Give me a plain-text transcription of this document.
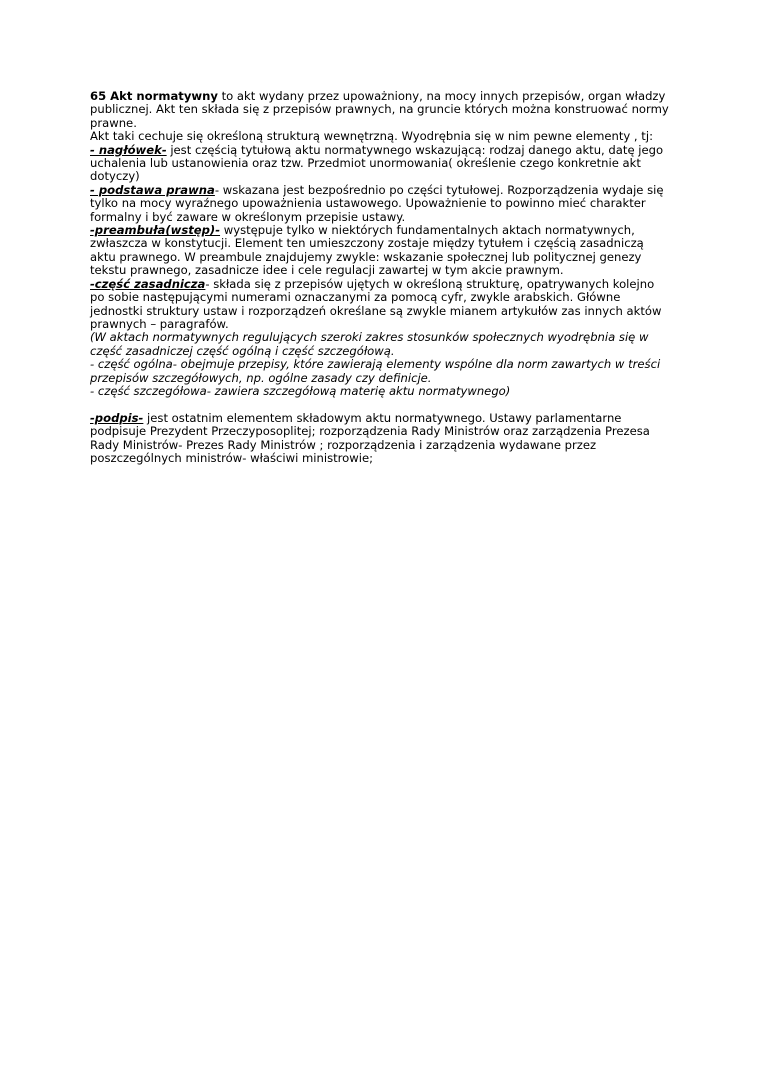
65 Akt normatywny to akt wydany przez upoważniony, na mocy innych przepisów, organ władzy publicznej. Akt ten składa się z przepisów prawnych, na gruncie których można konstruować normy prawne.

Akt taki cechuje się określoną strukturą wewnętrzną. Wyodrębnia się w nim pewne elementy , tj:

- nagłówek- jest częścią tytułową aktu normatywnego wskazującą: rodzaj danego aktu, datę jego uchalenia lub ustanowienia oraz tzw. Przedmiot unormowania( określenie czego konkretnie akt dotyczy)

- podstawa prawna- wskazana jest bezpośrednio po części tytułowej. Rozporządzenia wydaje się tylko na mocy wyraźnego upoważnienia ustawowego. Upoważnienie to powinno mieć charakter formalny i być zaware w określonym przepisie ustawy.

-preambuła(wstęp)- występuje tylko w niektórych fundamentalnych aktach normatywnych, zwłaszcza w konstytucji. Element ten umieszczony zostaje między tytułem i częścią zasadniczą aktu prawnego. W preambule znajdujemy zwykle: wskazanie społecznej lub politycznej genezy tekstu prawnego, zasadnicze idee i cele regulacji zawartej w tym akcie prawnym.

-część zasadnicza- składa się z przepisów ujętych w określoną strukturę, opatrywanych kolejno po sobie następującymi numerami oznaczanymi za pomocą cyfr, zwykle arabskich. Główne jednostki struktury ustaw i rozporządzeń określane są zwykle mianem artykułów zas innych aktów prawnych – paragrafów.

(W aktach normatywnych regulujących szeroki zakres stosunków społecznych wyodrębnia się w część zasadniczej część ogólną i część szczegółową.

- część ogólna- obejmuje przepisy, które zawierają elementy wspólne dla norm zawartych w treści przepisów szczegółowych, np. ogólne zasady czy definicje.

- część szczegółowa- zawiera szczegółową materię aktu normatywnego)

-podpis- jest ostatnim elementem składowym aktu normatywnego. Ustawy parlamentarne podpisuje Prezydent Przeczyposoplitej; rozporządzenia Rady Ministrów oraz zarządzenia Prezesa Rady Ministrów- Prezes Rady Ministrów ; rozporządzenia i zarządzenia wydawane przez poszczególnych ministrów- właściwi ministrowie;
